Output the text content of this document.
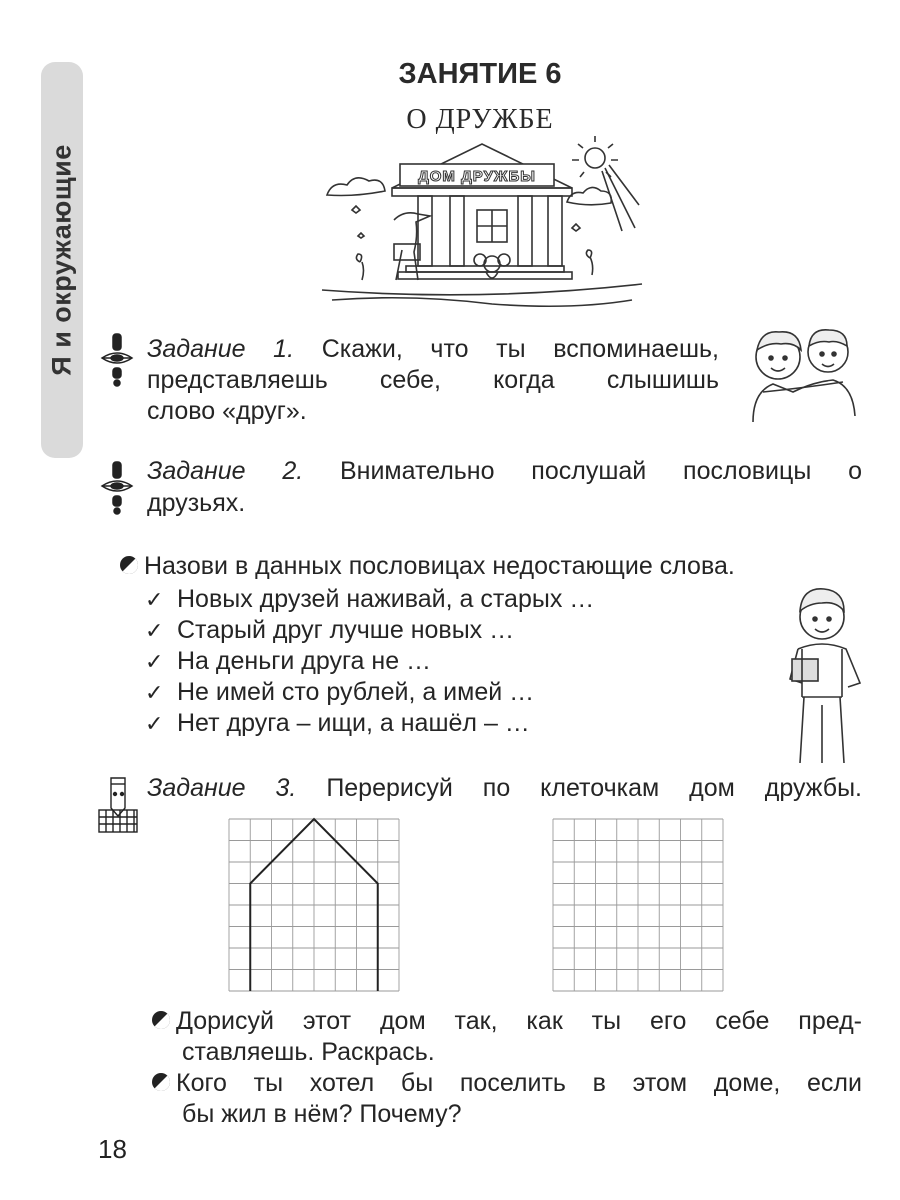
Я и окружающие
ЗАНЯТИЕ 6
О ДРУЖБЕ
ДОМ ДРУЖБЫ
Задание 1. Скажи, что ты вспоминаешь,
представляешь себе, когда слышишь
слово «друг».
Задание 2. Внимательно послушай пословицы о
друзьях.
Назови в данных пословицах недостающие слова.
✓ Новых друзей наживай, а старых …
✓ Старый друг лучше новых …
✓ На деньги друга не …
✓ Не имей сто рублей, а имей …
✓ Нет друга – ищи, а нашёл – …
Задание 3. Перерисуй по клеточкам дом дружбы.
Дорисуй этот дом так, как ты его себе пред-
ставляешь. Раскрась.
Кого ты хотел бы поселить в этом доме, если
бы жил в нём? Почему?
18
